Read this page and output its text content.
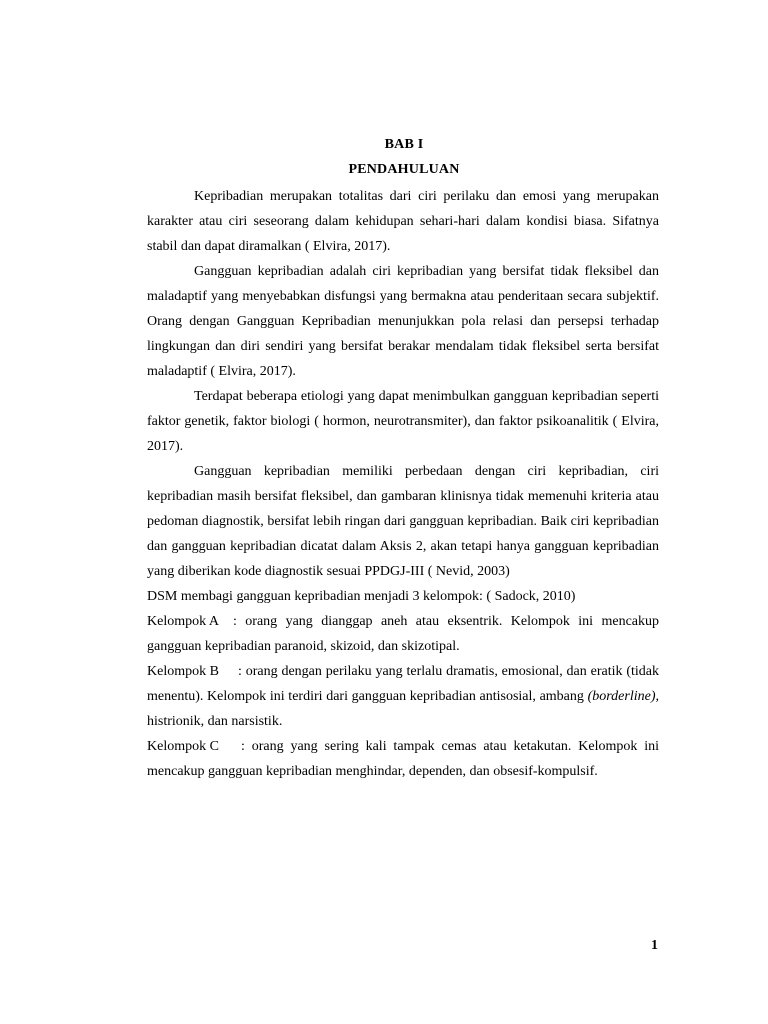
BAB I
PENDAHULUAN

Kepribadian merupakan totalitas dari ciri perilaku dan emosi yang merupakan karakter atau ciri seseorang dalam kehidupan sehari-hari dalam kondisi biasa. Sifatnya stabil dan dapat diramalkan ( Elvira, 2017).

Gangguan kepribadian adalah ciri kepribadian yang bersifat tidak fleksibel dan maladaptif yang menyebabkan disfungsi yang bermakna atau penderitaan secara subjektif. Orang dengan Gangguan Kepribadian menunjukkan pola relasi dan persepsi terhadap lingkungan dan diri sendiri yang bersifat berakar mendalam tidak fleksibel serta bersifat maladaptif ( Elvira, 2017).

Terdapat beberapa etiologi yang dapat menimbulkan gangguan kepribadian seperti faktor genetik, faktor biologi ( hormon, neurotransmiter), dan faktor psikoanalitik ( Elvira, 2017).

Gangguan kepribadian memiliki perbedaan dengan ciri kepribadian, ciri kepribadian masih bersifat fleksibel, dan gambaran klinisnya tidak memenuhi kriteria atau pedoman diagnostik, bersifat lebih ringan dari gangguan kepribadian. Baik ciri kepribadian dan gangguan kepribadian dicatat dalam Aksis 2, akan tetapi hanya gangguan kepribadian yang diberikan kode diagnostik sesuai PPDGJ-III ( Nevid, 2003)

DSM membagi gangguan kepribadian menjadi 3 kelompok: ( Sadock, 2010)

Kelompok A : orang yang dianggap aneh atau eksentrik. Kelompok ini mencakup gangguan kepribadian paranoid, skizoid, dan skizotipal.

Kelompok B : orang dengan perilaku yang terlalu dramatis, emosional, dan eratik (tidak menentu). Kelompok ini terdiri dari gangguan kepribadian antisosial, ambang (borderline), histrionik, dan narsistik.

Kelompok C : orang yang sering kali tampak cemas atau ketakutan. Kelompok ini mencakup gangguan kepribadian menghindar, dependen, dan obsesif-kompulsif.

1
